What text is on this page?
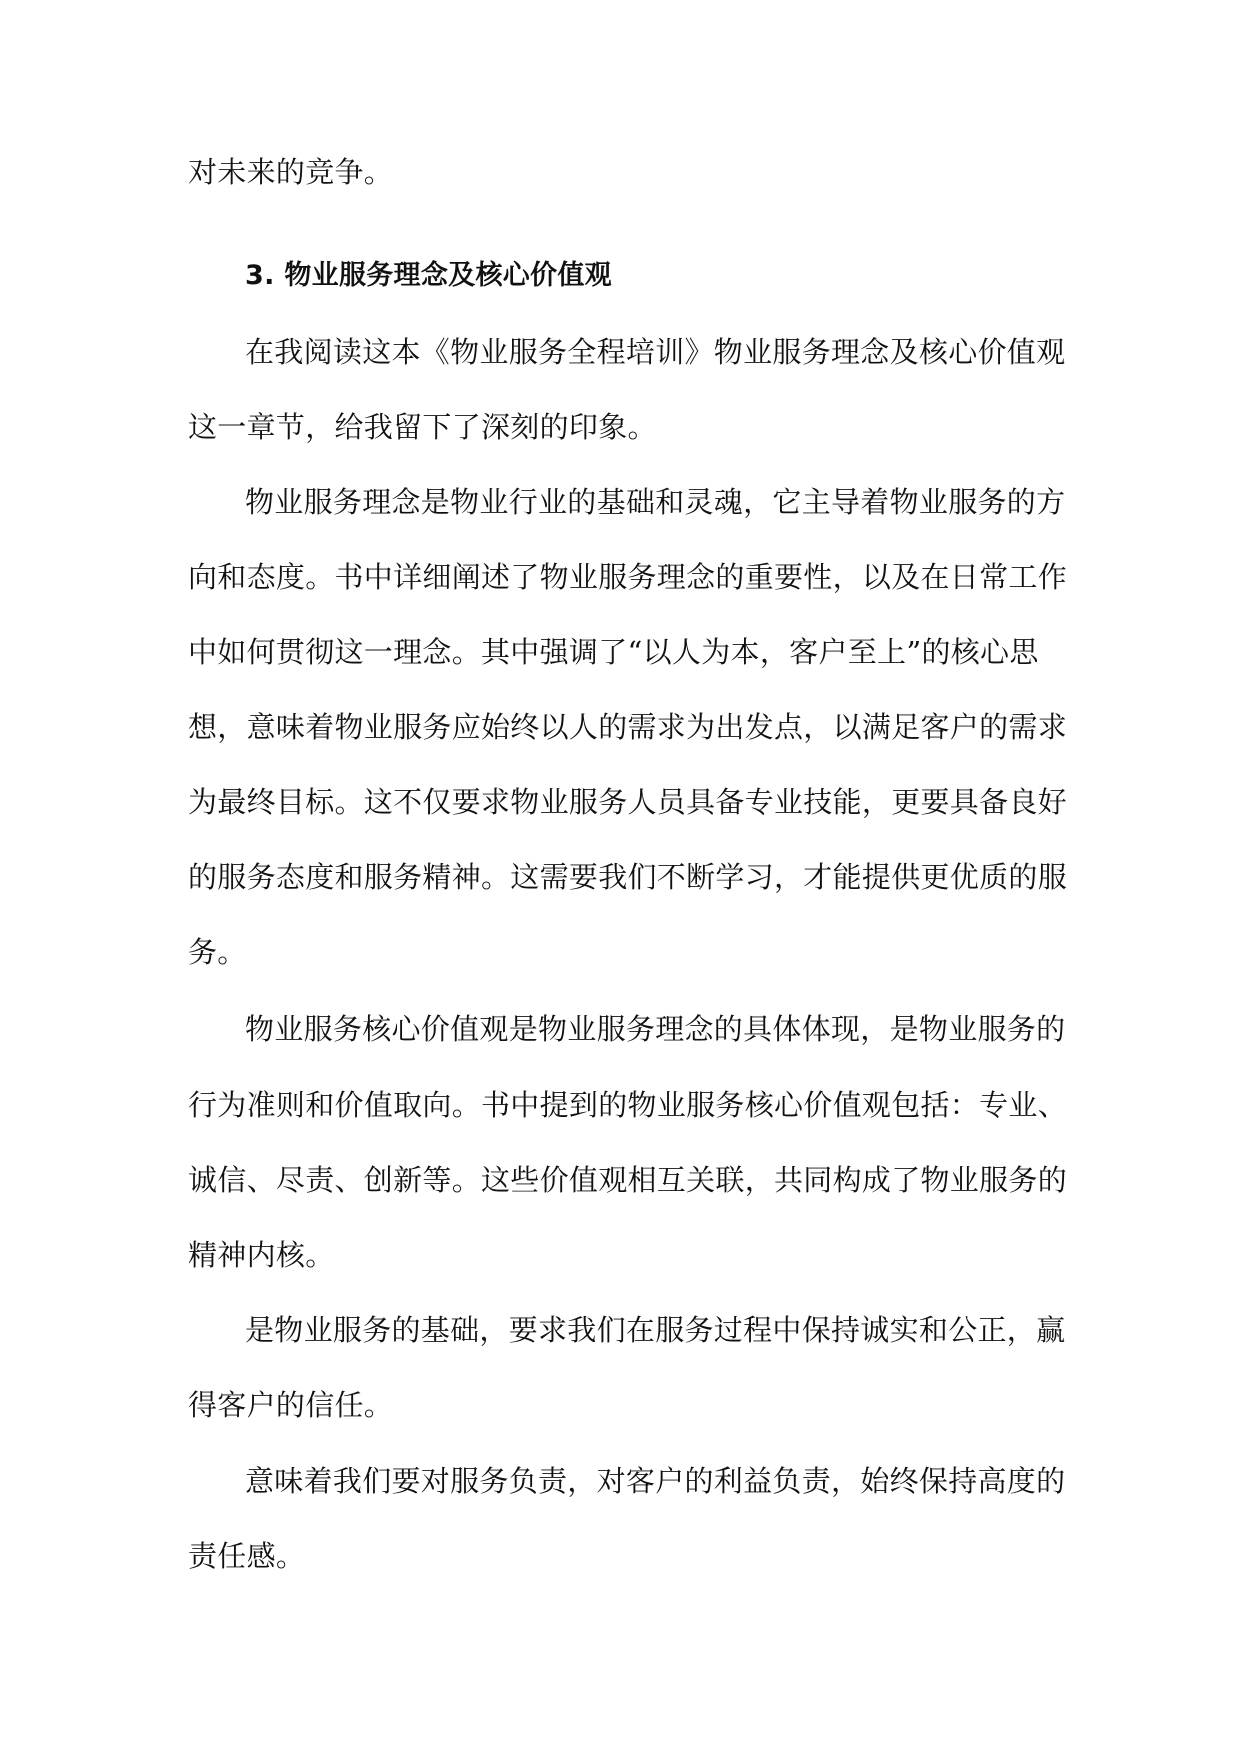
对未来的竞争。
3. 物业服务理念及核心价值观
在我阅读这本《物业服务全程培训》物业服务理念及核心价值观
这一章节，给我留下了深刻的印象。
物业服务理念是物业行业的基础和灵魂，它主导着物业服务的方
向和态度。书中详细阐述了物业服务理念的重要性，以及在日常工作
中如何贯彻这一理念。其中强调了“以人为本，客户至上”的核心思
想，意味着物业服务应始终以人的需求为出发点，以满足客户的需求
为最终目标。这不仅要求物业服务人员具备专业技能，更要具备良好
的服务态度和服务精神。这需要我们不断学习，才能提供更优质的服
务。
物业服务核心价值观是物业服务理念的具体体现，是物业服务的
行为准则和价值取向。书中提到的物业服务核心价值观包括：专业、
诚信、尽责、创新等。这些价值观相互关联，共同构成了物业服务的
精神内核。
是物业服务的基础，要求我们在服务过程中保持诚实和公正，赢
得客户的信任。
意味着我们要对服务负责，对客户的利益负责，始终保持高度的
责任感。
